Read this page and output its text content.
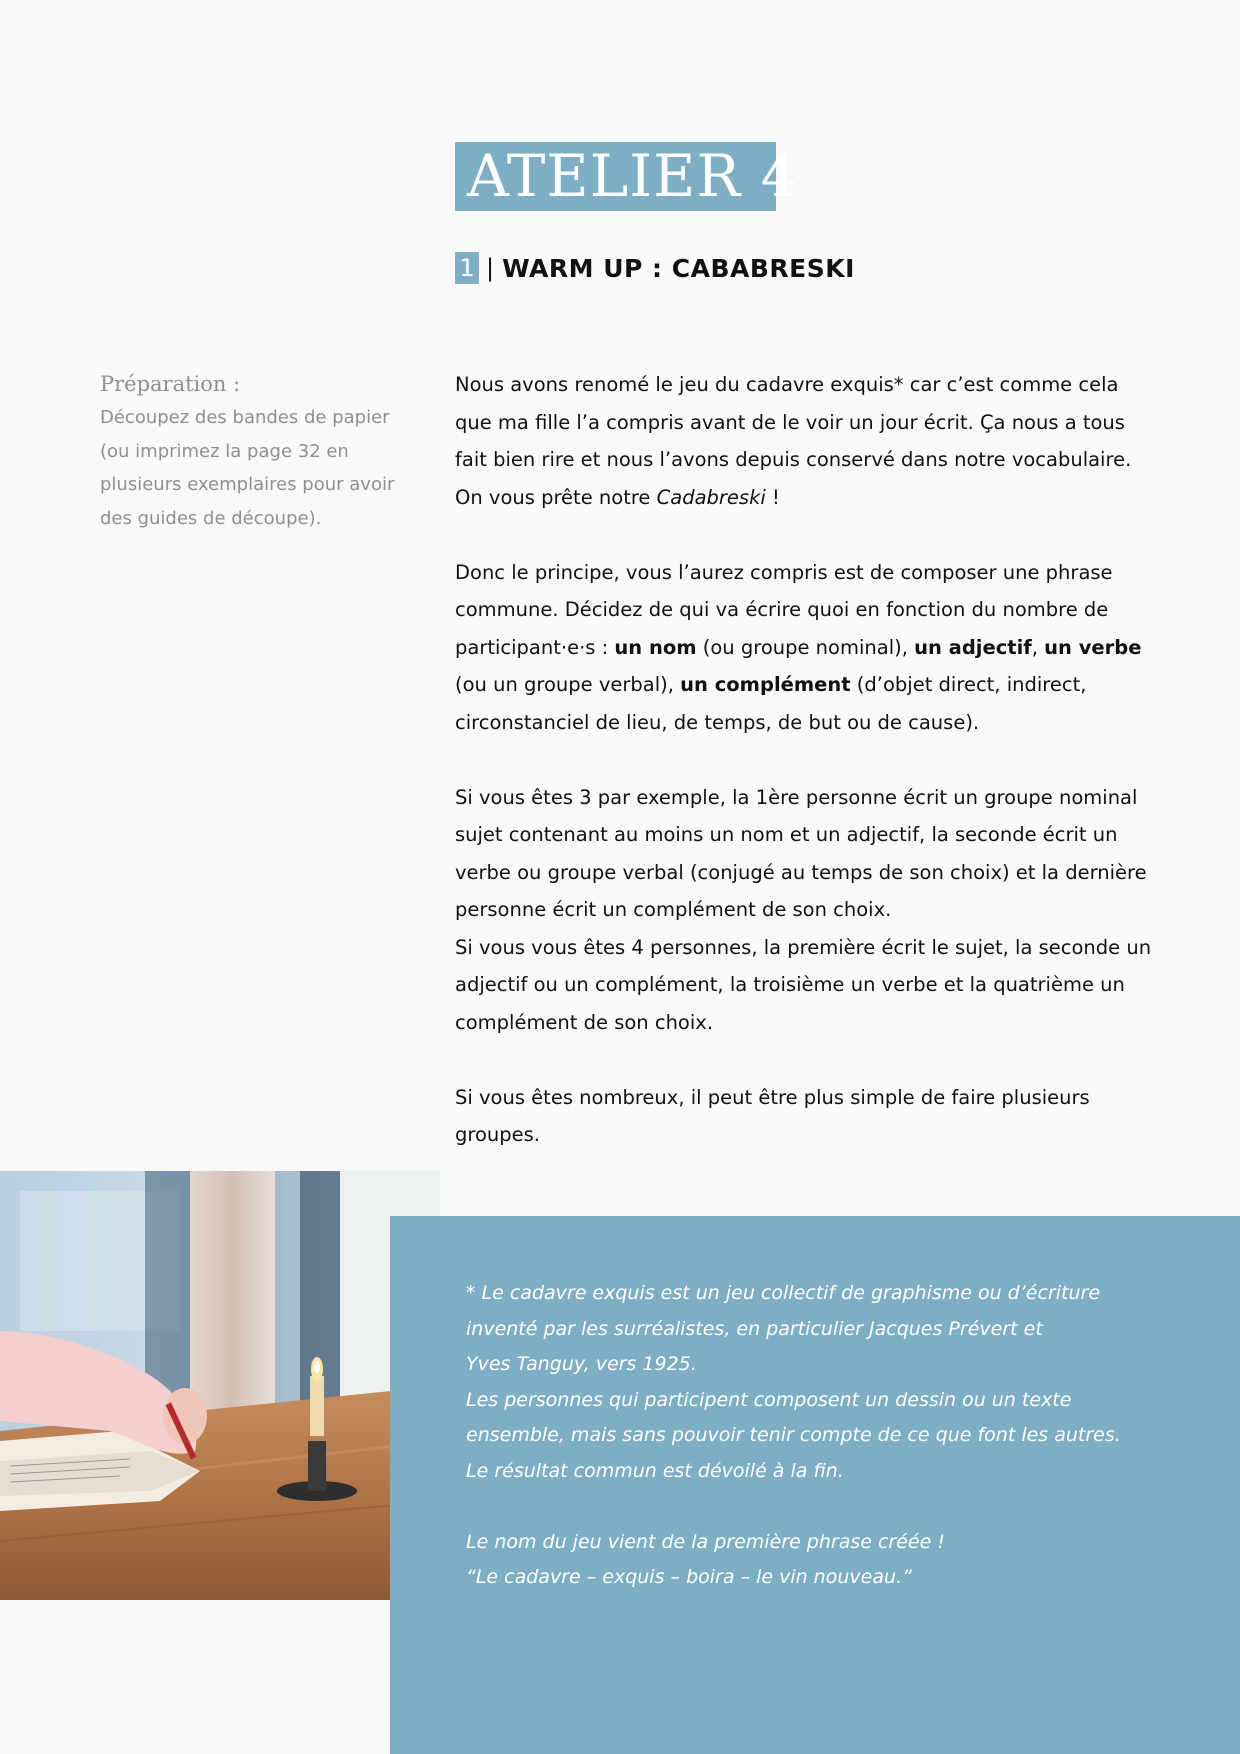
ATELIER 4
1 | WARM UP : CABABRESKI
Préparation :
Découpez des bandes de papier (ou imprimez la page 32 en plusieurs exemplaires pour avoir des guides de découpe).

Nous avons renomé le jeu du cadavre exquis* car c’est comme cela que ma fille l’a compris avant de le voir un jour écrit. Ça nous a tous fait bien rire et nous l’avons depuis conservé dans notre vocabulaire. On vous prête notre Cadabreski !

Donc le principe, vous l’aurez compris est de composer une phrase commune. Décidez de qui va écrire quoi en fonction du nombre de participant·e·s : un nom (ou groupe nominal), un adjectif, un verbe (ou un groupe verbal), un complément (d’objet direct, indirect, circonstanciel de lieu, de temps, de but ou de cause).

Si vous êtes 3 par exemple, la 1ère personne écrit un groupe nominal sujet contenant au moins un nom et un adjectif, la seconde écrit un verbe ou groupe verbal (conjugé au temps de son choix) et la dernière personne écrit un complément de son choix.

Si vous vous êtes 4 personnes, la première écrit le sujet, la seconde un adjectif ou un complément, la troisième un verbe et la quatrième un complément de son choix.

Si vous êtes nombreux, il peut être plus simple de faire plusieurs groupes.

* Le cadavre exquis est un jeu collectif de graphisme ou d’écriture
inventé par les surréalistes, en particulier Jacques Prévert et
Yves Tanguy, vers 1925.
Les personnes qui participent composent un dessin ou un texte
ensemble, mais sans pouvoir tenir compte de ce que font les autres.
Le résultat commun est dévoilé à la fin.
Le nom du jeu vient de la première phrase créée !
“Le cadavre – exquis – boira – le vin nouveau.”
